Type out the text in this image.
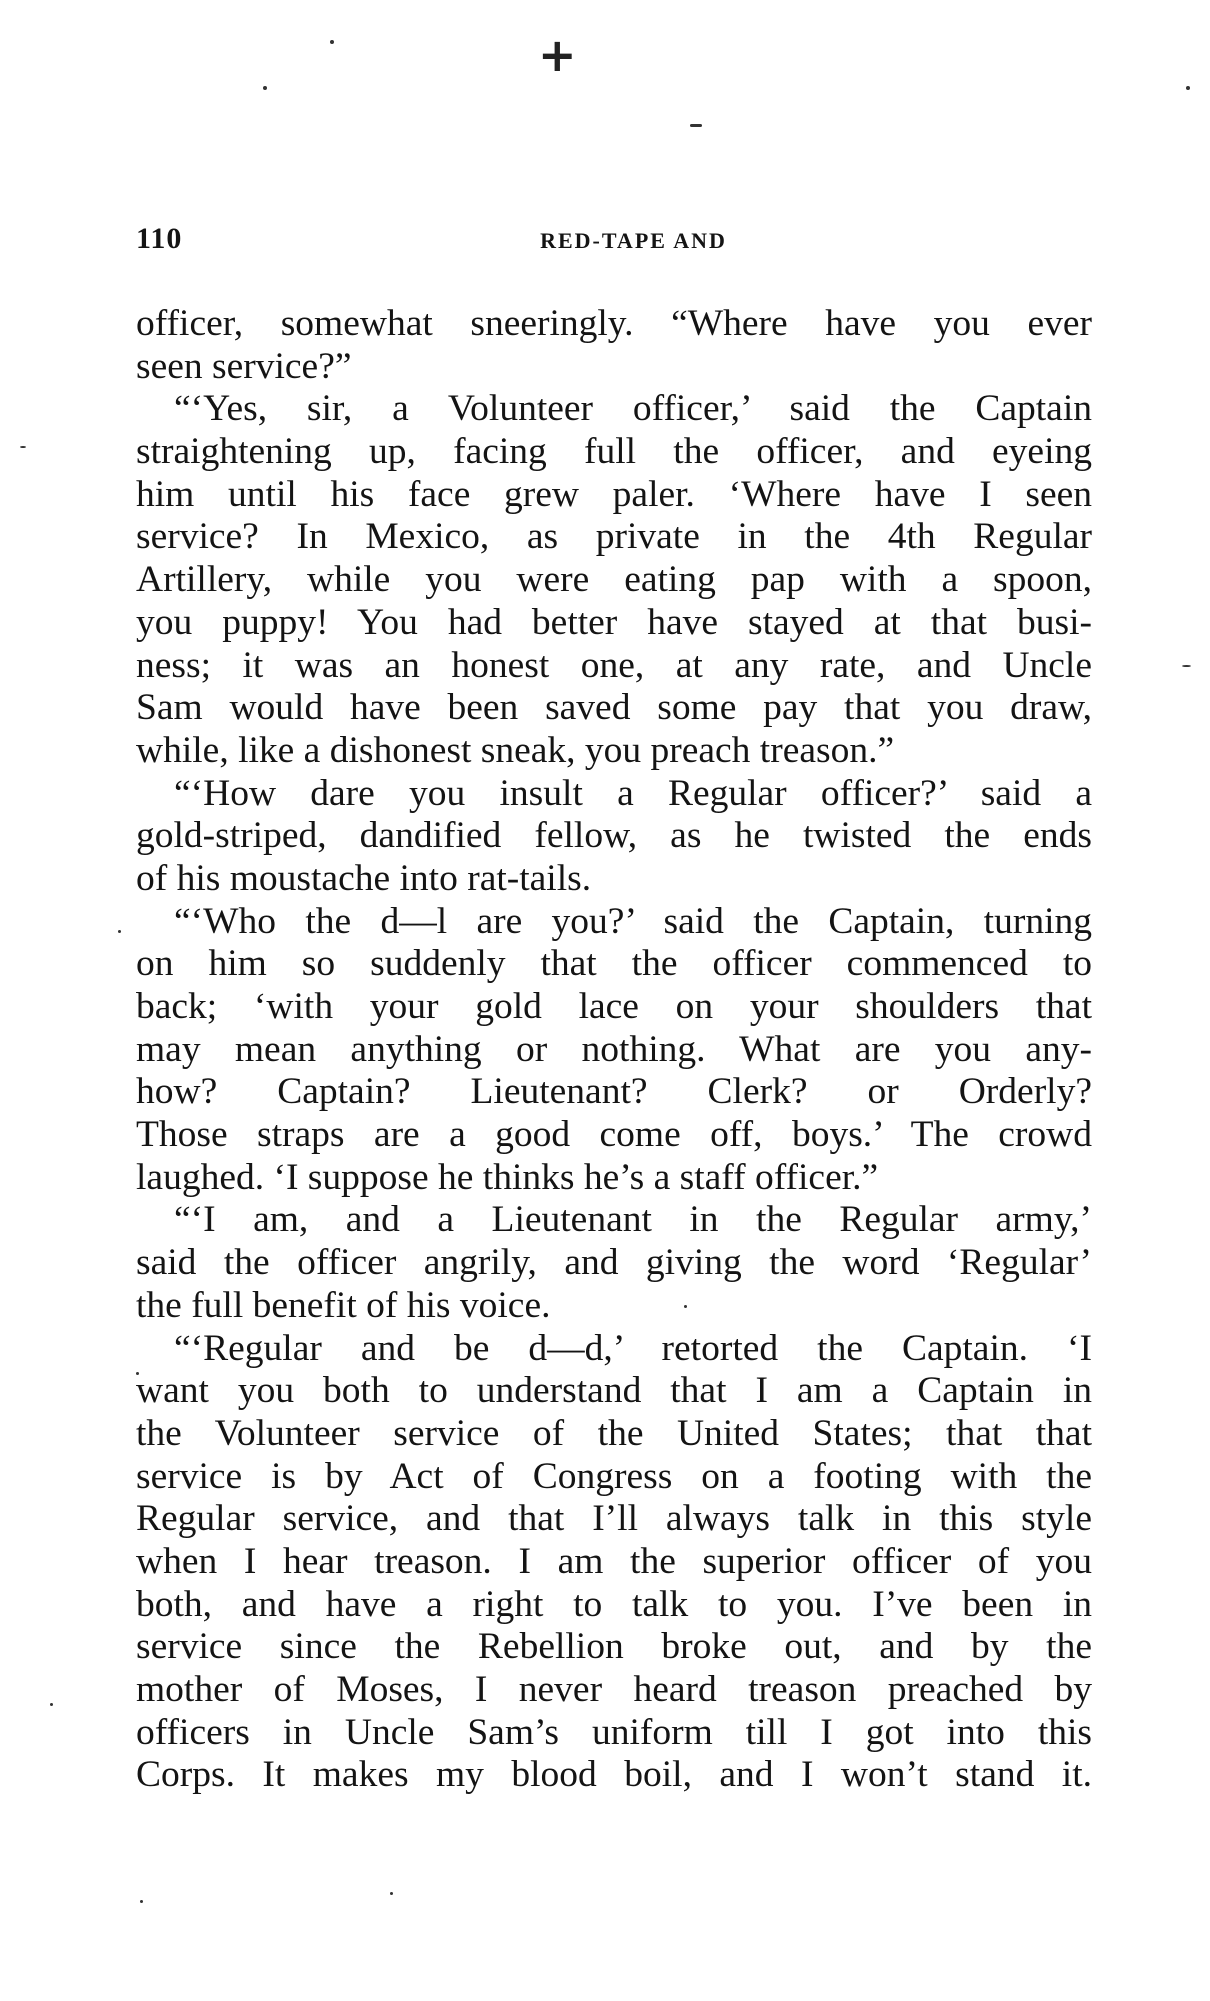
+
110	RED-TAPE AND
officer, somewhat sneeringly. “Where have you ever
seen service?”
“‘Yes, sir, a Volunteer officer,’ said the Captain
straightening up, facing full the officer, and eyeing
him until his face grew paler. ‘Where have I seen
service? In Mexico, as private in the 4th Regular
Artillery, while you were eating pap with a spoon,
you puppy! You had better have stayed at that busi-
ness; it was an honest one, at any rate, and Uncle
Sam would have been saved some pay that you draw,
while, like a dishonest sneak, you preach treason.”
“‘How dare you insult a Regular officer?’ said a
gold-striped, dandified fellow, as he twisted the ends
of his moustache into rat-tails.
“‘Who the d—l are you?’ said the Captain, turning
on him so suddenly that the officer commenced to
back; ‘with your gold lace on your shoulders that
may mean anything or nothing. What are you any-
how? Captain? Lieutenant? Clerk? or Orderly?
Those straps are a good come off, boys.’ The crowd
laughed. ‘I suppose he thinks he’s a staff officer.”
“‘I am, and a Lieutenant in the Regular army,’
said the officer angrily, and giving the word ‘Regular’
the full benefit of his voice.
“‘Regular and be d—d,’ retorted the Captain. ‘I
want you both to understand that I am a Captain in
the Volunteer service of the United States; that that
service is by Act of Congress on a footing with the
Regular service, and that I’ll always talk in this style
when I hear treason. I am the superior officer of you
both, and have a right to talk to you. I’ve been in
service since the Rebellion broke out, and by the
mother of Moses, I never heard treason preached by
officers in Uncle Sam’s uniform till I got into this
Corps. It makes my blood boil, and I won’t stand it.
